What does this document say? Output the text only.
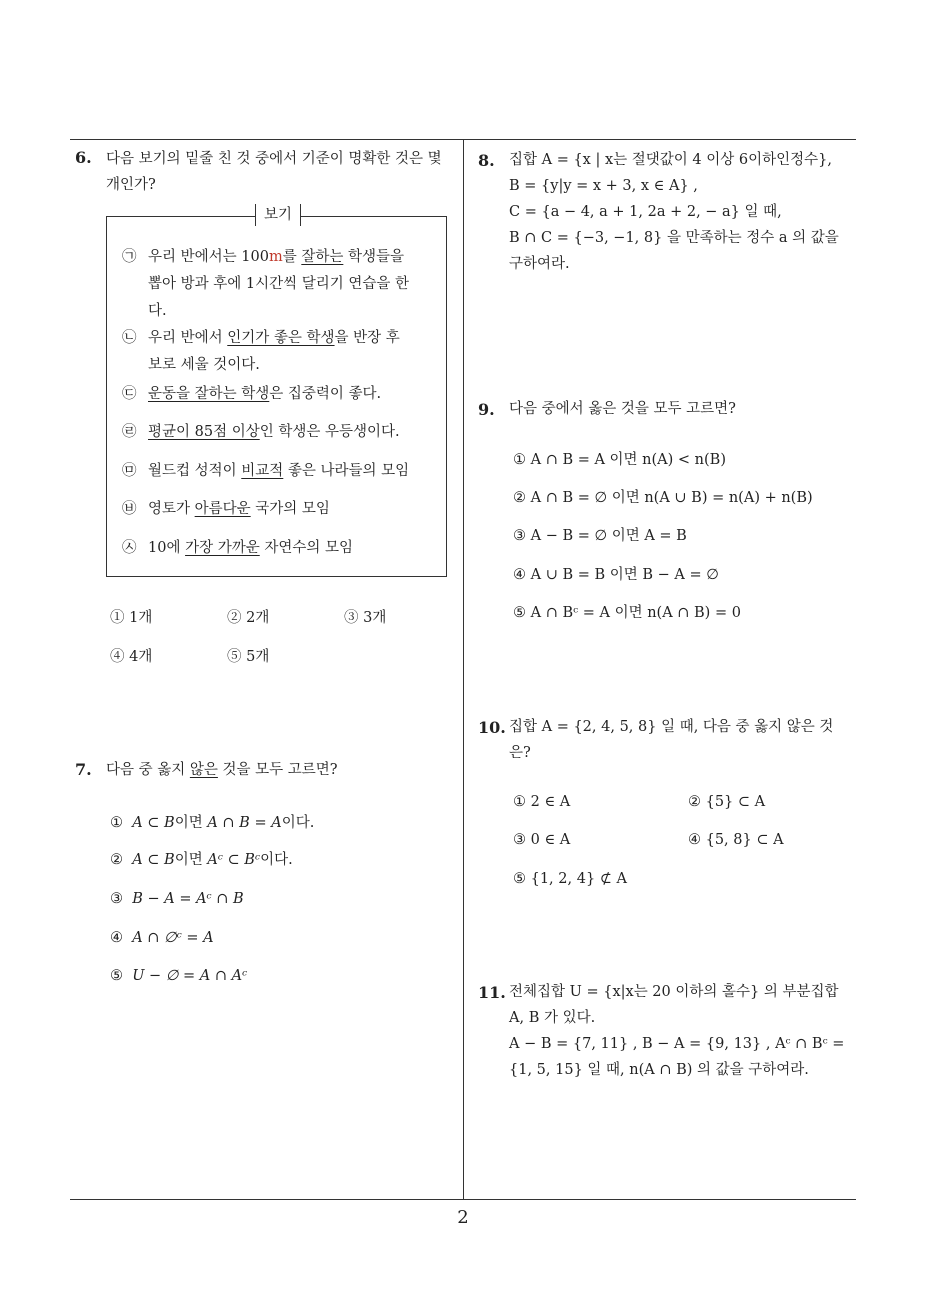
6. 다음 보기의 밑줄 친 것 중에서 기준이 명확한 것은 몇
개인가?
보기
㉠ 우리 반에서는 100m를 잘하는 학생들을
뽑아 방과 후에 1시간씩 달리기 연습을 한
다.
㉡ 우리 반에서 인기가 좋은 학생을 반장 후
보로 세울 것이다.
㉢ 운동을 잘하는 학생은 집중력이 좋다.
㉣ 평균이 85점 이상인 학생은 우등생이다.
㉤ 월드컵 성적이 비교적 좋은 나라들의 모임
㉥ 영토가 아름다운 국가의 모임
㉦ 10에 가장 가까운 자연수의 모임
① 1개	② 2개	③ 3개
④ 4개	⑤ 5개
7. 다음 중 옳지 않은 것을 모두 고르면?
① A ⊂ B이면 A ∩ B = A이다.
② A ⊂ B이면 Aᶜ ⊂ Bᶜ이다.
③ B − A = Aᶜ ∩ B
④ A ∩ ∅ᶜ = A
⑤ U − ∅ = A ∩ Aᶜ
8. 집합 A = {x | x는 절댓값이 4 이상 6이하인정수},
B = {y|y = x + 3, x ∈ A} ,
C = {a − 4, a + 1, 2a + 2, − a} 일 때,
B ∩ C = {−3, −1, 8} 을 만족하는 정수 a 의 값을
구하여라.
9. 다음 중에서 옳은 것을 모두 고르면?
① A ∩ B = A 이면 n(A) < n(B)
② A ∩ B = ∅ 이면 n(A ∪ B) = n(A) + n(B)
③ A − B = ∅ 이면 A = B
④ A ∪ B = B 이면 B − A = ∅
⑤ A ∩ Bᶜ = A 이면 n(A ∩ B) = 0
10. 집합 A = {2, 4, 5, 8} 일 때, 다음 중 옳지 않은 것
은?
① 2 ∈ A	② {5} ⊂ A
③ 0 ∈ A	④ {5, 8} ⊂ A
⑤ {1, 2, 4} ⊄ A
11. 전체집합 U = {x|x는 20 이하의 홀수} 의 부분집합
A, B 가 있다.
A − B = {7, 11} , B − A = {9, 13} , Aᶜ ∩ Bᶜ =
{1, 5, 15} 일 때, n(A ∩ B) 의 값을 구하여라.
2
